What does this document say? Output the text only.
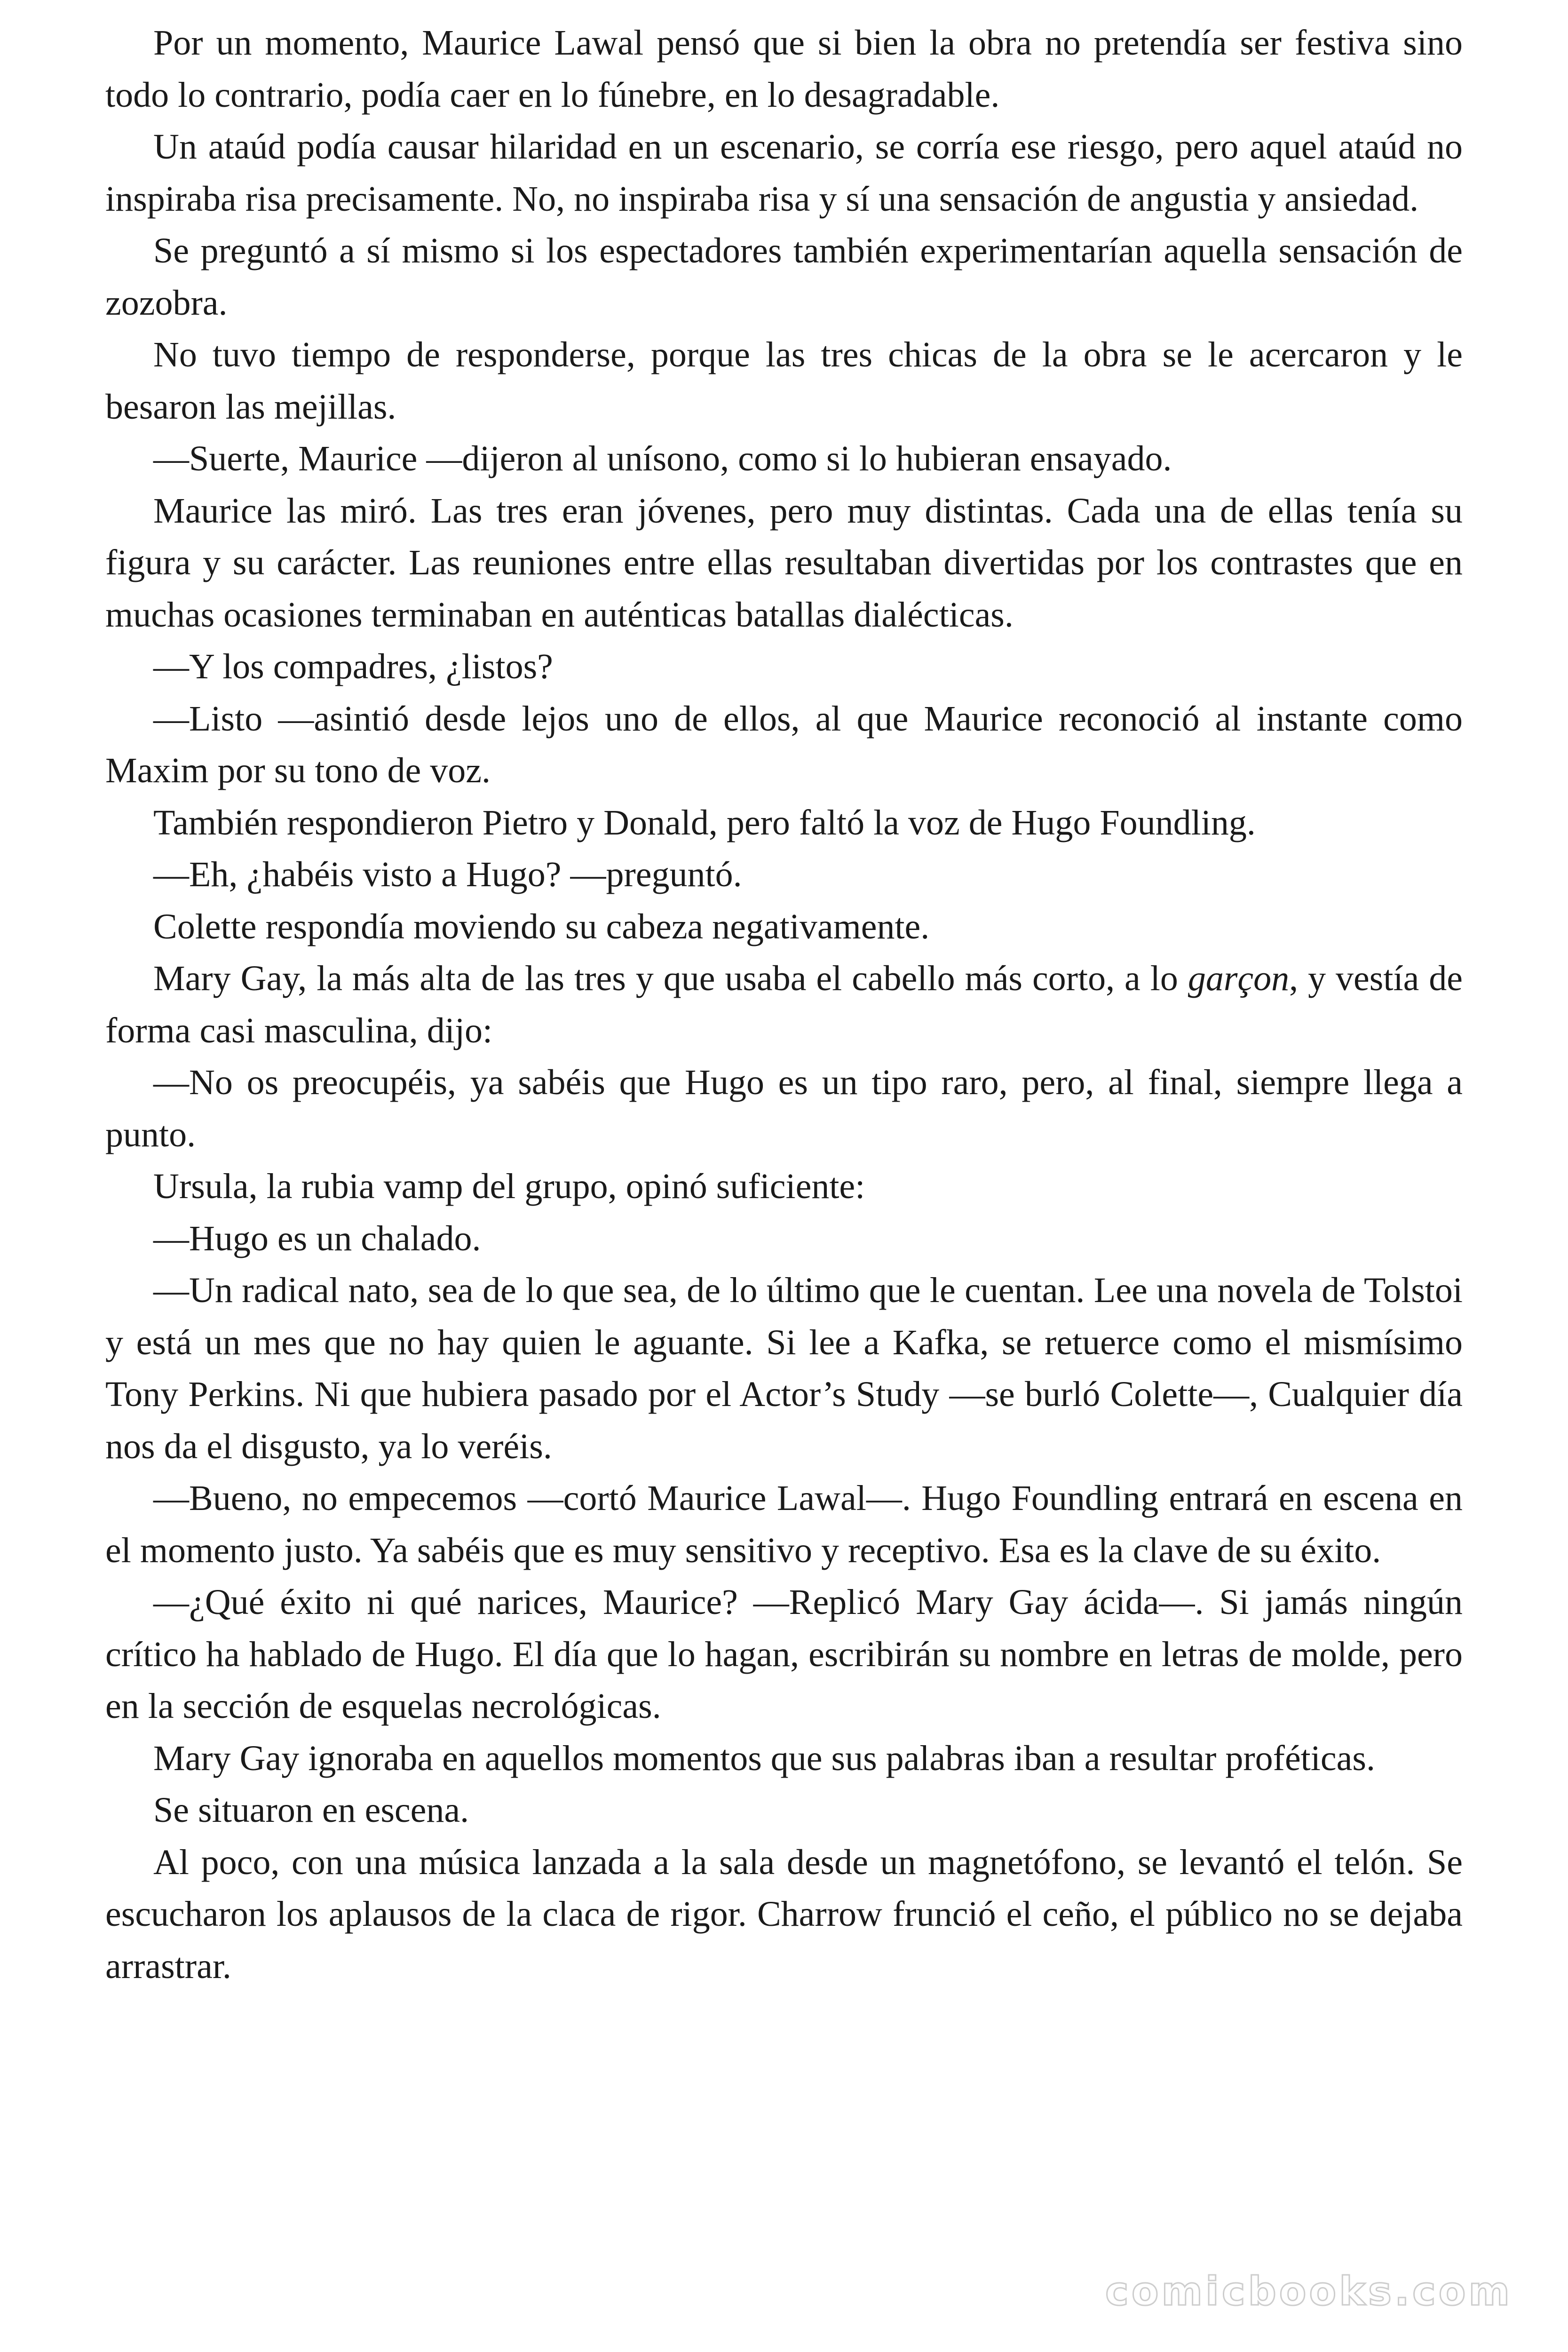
Por un momento, Maurice Lawal pensó que si bien la obra no pretendía ser festiva sino todo lo contrario, podía caer en lo fúnebre, en lo desagradable.

Un ataúd podía causar hilaridad en un escenario, se corría ese riesgo, pero aquel ataúd no inspiraba risa precisamente. No, no inspiraba risa y sí una sensación de angustia y ansiedad.

Se preguntó a sí mismo si los espectadores también experimentarían aquella sensación de zozobra.

No tuvo tiempo de responderse, porque las tres chicas de la obra se le acercaron y le besaron las mejillas.

—Suerte, Maurice —dijeron al unísono, como si lo hubieran ensayado.

Maurice las miró. Las tres eran jóvenes, pero muy distintas. Cada una de ellas tenía su figura y su carácter. Las reuniones entre ellas resultaban divertidas por los contrastes que en muchas ocasiones terminaban en auténticas batallas dialécticas.

—Y los compadres, ¿listos?

—Listo —asintió desde lejos uno de ellos, al que Maurice reconoció al instante como Maxim por su tono de voz.

También respondieron Pietro y Donald, pero faltó la voz de Hugo Foundling.

—Eh, ¿habéis visto a Hugo? —preguntó.

Colette respondía moviendo su cabeza negativamente.

Mary Gay, la más alta de las tres y que usaba el cabello más corto, a lo garçon, y vestía de forma casi masculina, dijo:

—No os preocupéis, ya sabéis que Hugo es un tipo raro, pero, al final, siempre llega a punto.

Ursula, la rubia vamp del grupo, opinó suficiente:

—Hugo es un chalado.

—Un radical nato, sea de lo que sea, de lo último que le cuentan. Lee una novela de Tolstoi y está un mes que no hay quien le aguante. Si lee a Kafka, se retuerce como el mismísimo Tony Perkins. Ni que hubiera pasado por el Actor’s Study —se burló Colette—, Cualquier día nos da el disgusto, ya lo veréis.

—Bueno, no empecemos —cortó Maurice Lawal—. Hugo Foundling entrará en escena en el momento justo. Ya sabéis que es muy sensitivo y receptivo. Esa es la clave de su éxito.

—¿Qué éxito ni qué narices, Maurice? —Replicó Mary Gay ácida—. Si jamás ningún crítico ha hablado de Hugo. El día que lo hagan, escribirán su nombre en letras de molde, pero en la sección de esquelas necrológicas.

Mary Gay ignoraba en aquellos momentos que sus palabras iban a resultar proféticas.

Se situaron en escena.

Al poco, con una música lanzada a la sala desde un magnetófono, se levantó el telón. Se escucharon los aplausos de la claca de rigor. Charrow frunció el ceño, el público no se dejaba arrastrar.

comicbooks.com
